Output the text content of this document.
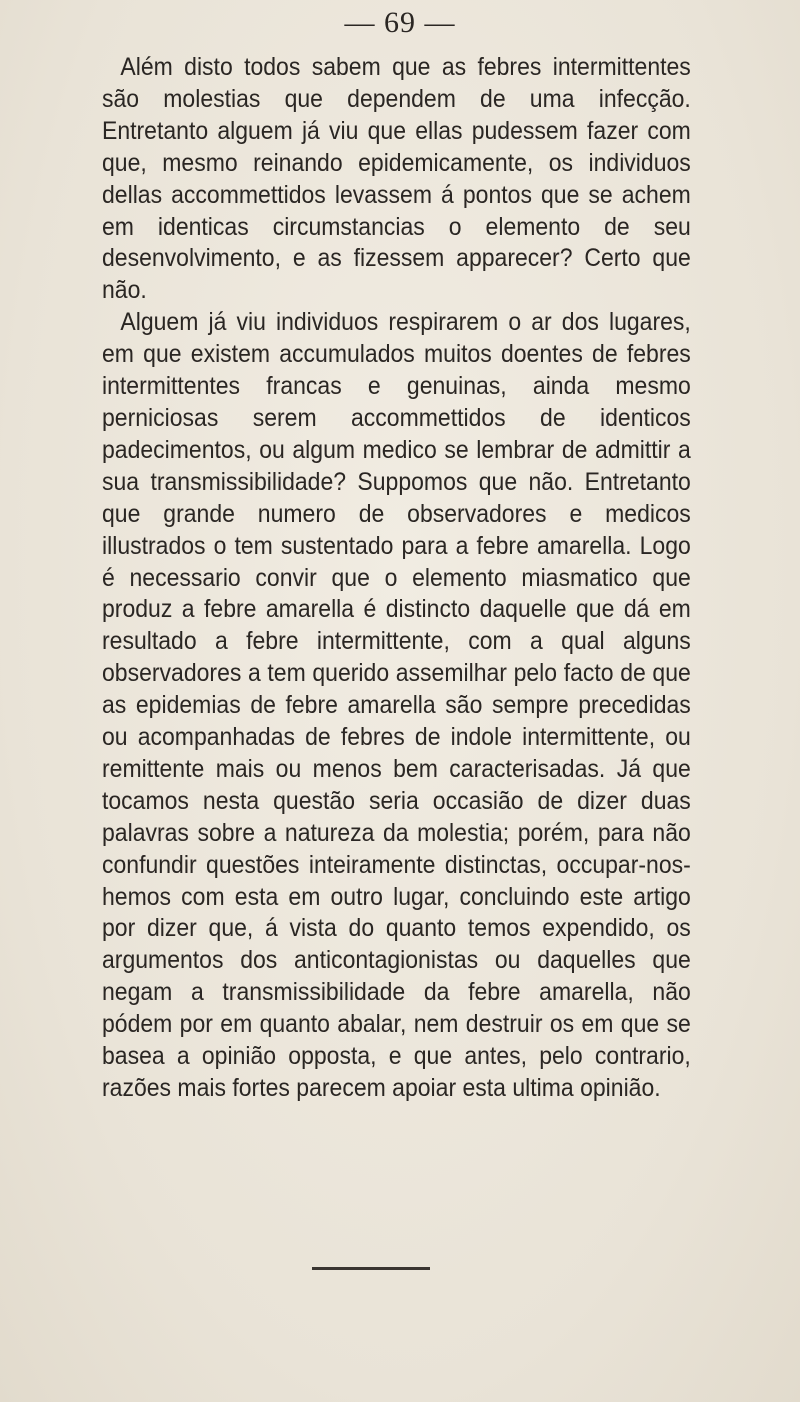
— 69 —

Além disto todos sabem que as febres intermittentes são molestias que dependem de uma infecção. Entretanto alguem já viu que ellas pudessem fazer com que, mesmo reinando epidemicamente, os individuos dellas accommettidos levassem á pontos que se achem em identicas circumstancias o elemento de seu desenvolvimento, e as fizessem apparecer? Certo que não.

Alguem já viu individuos respirarem o ar dos lugares, em que existem accumulados muitos doentes de febres intermittentes francas e genuinas, ainda mesmo perniciosas serem accommettidos de identicos padecimentos, ou algum medico se lembrar de admittir a sua transmissibilidade? Suppomos que não. Entretanto que grande numero de observadores e medicos illustrados o tem sustentado para a febre amarella. Logo é necessario convir que o elemento miasmatico que produz a febre amarella é distincto daquelle que dá em resultado a febre intermittente, com a qual alguns observadores a tem querido assemilhar pelo facto de que as epidemias de febre amarella são sempre precedidas ou acompanhadas de febres de indole intermittente, ou remittente mais ou menos bem caracterisadas. Já que tocamos nesta questão seria occasião de dizer duas palavras sobre a natureza da molestia; porém, para não confundir questões inteiramente distinctas, occupar-nos-hemos com esta em outro lugar, concluindo este artigo por dizer que, á vista do quanto temos expendido, os argumentos dos anticontagionistas ou daquelles que negam a transmissibilidade da febre amarella, não pódem por em quanto abalar, nem destruir os em que se basea a opinião opposta, e que antes, pelo contrario, razões mais fortes parecem apoiar esta ultima opinião.
